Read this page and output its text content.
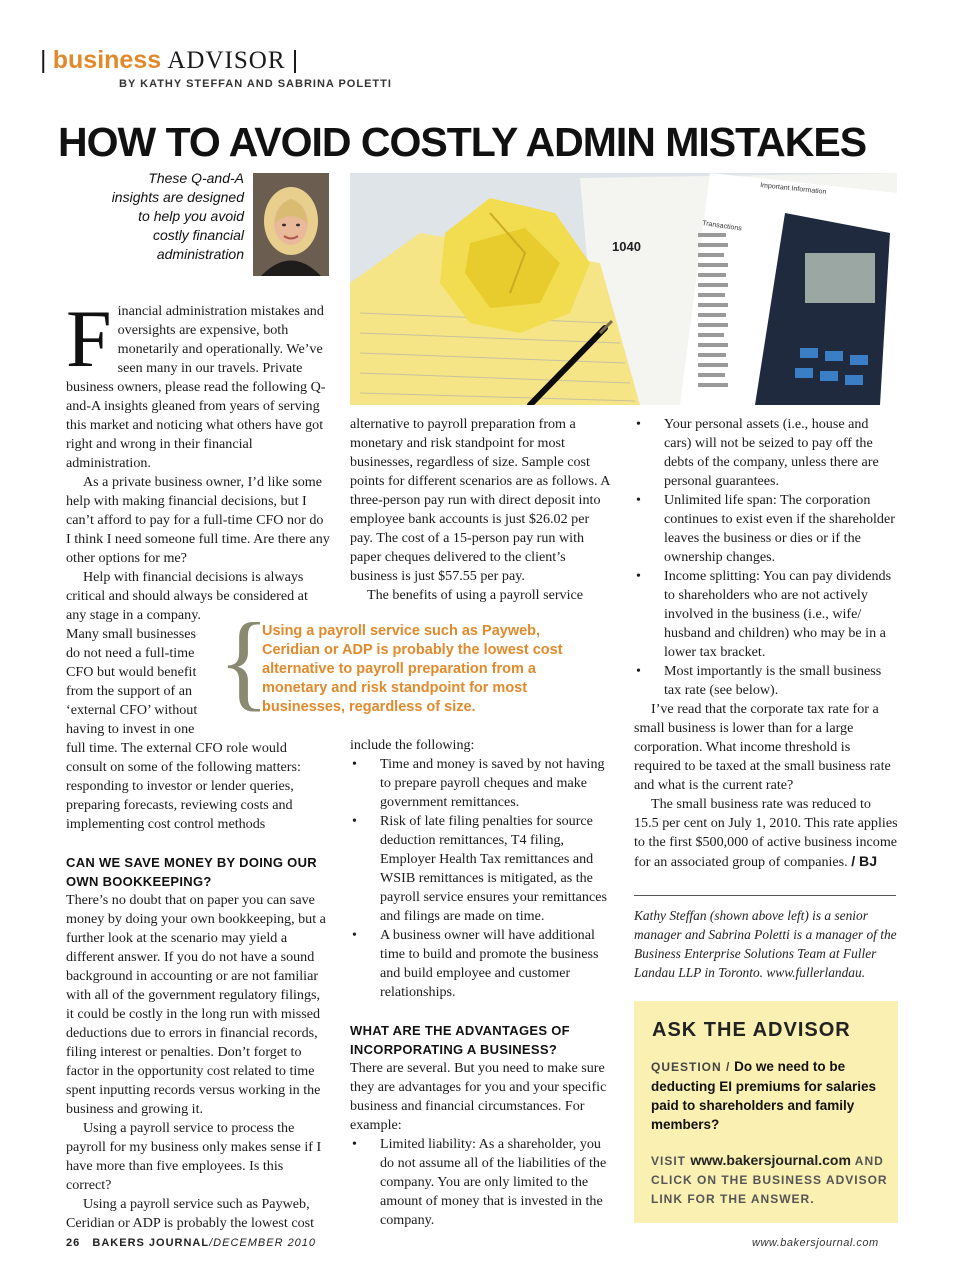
| business ADVISOR |
BY KATHY STEFFAN AND SABRINA POLETTI
HOW TO AVOID COSTLY ADMIN MISTAKES
These Q-and-A insights are designed to help you avoid costly financial administration	1040
Important Information
Transactions

F inancial administration mistakes and oversights are expensive, both monetarily and operationally. We’ve seen many in our travels. Private business owners, please read the following Q-and-A insights gleaned from years of serving this market and noticing what others have got right and wrong in their financial administration.

As a private business owner, I’d like some help with making financial decisions, but I can’t afford to pay for a full-time CFO nor do I think I need someone full time. Are there any other options for me?

Help with financial decisions is always critical and should always be considered at any stage in a company.

Many small businesses
do not need a full-time
CFO but would benefit
from the support of an
‘external CFO’ without
having to invest in one

full time. The external CFO role would consult on some of the following matters: responding to investor or lender queries, preparing forecasts, reviewing costs and implementing cost control methods

CAN WE SAVE MONEY BY DOING OUR OWN BOOKKEEPING?

There’s no doubt that on paper you can save money by doing your own bookkeeping, but a further look at the scenario may yield a different answer. If you do not have a sound background in accounting or are not familiar with all of the government regulatory filings, it could be costly in the long run with missed deductions due to errors in financial records, filing interest or penalties. Don’t forget to factor in the opportunity cost related to time spent inputting records versus working in the business and growing it.

Using a payroll service to process the payroll for my business only makes sense if I have more than five employees. Is this correct?

Using a payroll service such as Payweb, Ceridian or ADP is probably the lowest cost

alternative to payroll preparation from a monetary and risk standpoint for most businesses, regardless of size. Sample cost points for different scenarios are as follows. A three-person pay run with direct deposit into employee bank accounts is just $26.02 per pay. The cost of a 15-person pay run with paper cheques delivered to the client’s business is just $57.55 per pay.

The benefits of using a payroll service

{
Using a payroll service such as Payweb, Ceridian or ADP is probably the lowest cost alternative to payroll preparation from a monetary and risk standpoint for most businesses, regardless of size.

include the following:

• Time and money is saved by not having to prepare payroll cheques and make government remittances.
• Risk of late filing penalties for source deduction remittances, T4 filing, Employer Health Tax remittances and WSIB remittances is mitigated, as the payroll service ensures your remittances and filings are made on time.
• A business owner will have additional time to build and promote the business and build employee and customer relationships.

WHAT ARE THE ADVANTAGES OF INCORPORATING A BUSINESS?

There are several. But you need to make sure they are advantages for you and your specific business and financial circumstances. For example:

• Limited liability: As a shareholder, you do not assume all of the liabilities of the company. You are only limited to the amount of money that is invested in the company.
• Your personal assets (i.e., house and cars) will not be seized to pay off the debts of the company, unless there are personal guarantees.
• Unlimited life span: The corporation continues to exist even if the shareholder leaves the business or dies or if the ownership changes.
• Income splitting: You can pay dividends to shareholders who are not actively involved in the business (i.e., wife/ husband and children) who may be in a lower tax bracket.
• Most importantly is the small business tax rate (see below).

I’ve read that the corporate tax rate for a small business is lower than for a large corporation. What income threshold is required to be taxed at the small business rate and what is the current rate?

The small business rate was reduced to 15.5 per cent on July 1, 2010. This rate applies to the first $500,000 of active business income for an associated group of companies. / BJ

Kathy Steffan (shown above left) is a senior manager and Sabrina Poletti is a manager of the Business Enterprise Solutions Team at Fuller Landau LLP in Toronto. www.fullerlandau.
ASK THE ADVISOR
QUESTION / Do we need to be deducting EI premiums for salaries paid to shareholders and family members?
VISIT www.bakersjournal.com AND CLICK ON THE BUSINESS ADVISOR LINK FOR THE ANSWER.
26 BAKERS JOURNAL/DECEMBER 2010	www.bakersjournal.com
